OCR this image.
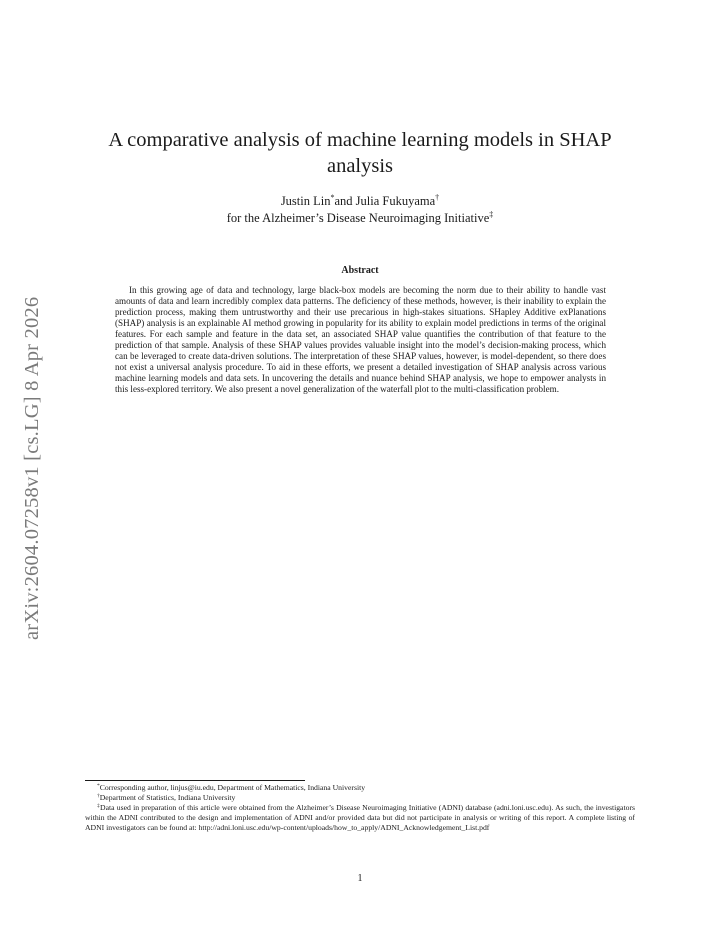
arXiv:2604.07258v1 [cs.LG] 8 Apr 2026
A comparative analysis of machine learning models in SHAP analysis
Justin Lin*and Julia Fukuyama†
for the Alzheimer’s Disease Neuroimaging Initiative‡
Abstract

In this growing age of data and technology, large black-box models are becoming the norm due to their ability to handle vast amounts of data and learn incredibly complex data patterns. The deficiency of these methods, however, is their inability to explain the prediction process, making them untrustworthy and their use precarious in high-stakes situations. SHapley Additive exPlanations (SHAP) analysis is an explainable AI method growing in popularity for its ability to explain model predictions in terms of the original features. For each sample and feature in the data set, an associated SHAP value quantifies the contribution of that feature to the prediction of that sample. Analysis of these SHAP values provides valuable insight into the model’s decision-making process, which can be leveraged to create data-driven solutions. The interpretation of these SHAP values, however, is model-dependent, so there does not exist a universal analysis procedure. To aid in these efforts, we present a detailed investigation of SHAP analysis across various machine learning models and data sets. In uncovering the details and nuance behind SHAP analysis, we hope to empower analysts in this less-explored territory. We also present a novel generalization of the waterfall plot to the multi-classification problem.

*Corresponding author, linjus@iu.edu, Department of Mathematics, Indiana University

†Department of Statistics, Indiana University

‡Data used in preparation of this article were obtained from the Alzheimer’s Disease Neuroimaging Initiative (ADNI) database (adni.loni.usc.edu). As such, the investigators within the ADNI contributed to the design and implementation of ADNI and/or provided data but did not participate in analysis or writing of this report. A complete listing of ADNI investigators can be found at: http://adni.loni.usc.edu/wp-content/uploads/how_to_apply/ADNI_Acknowledgement_List.pdf

1
